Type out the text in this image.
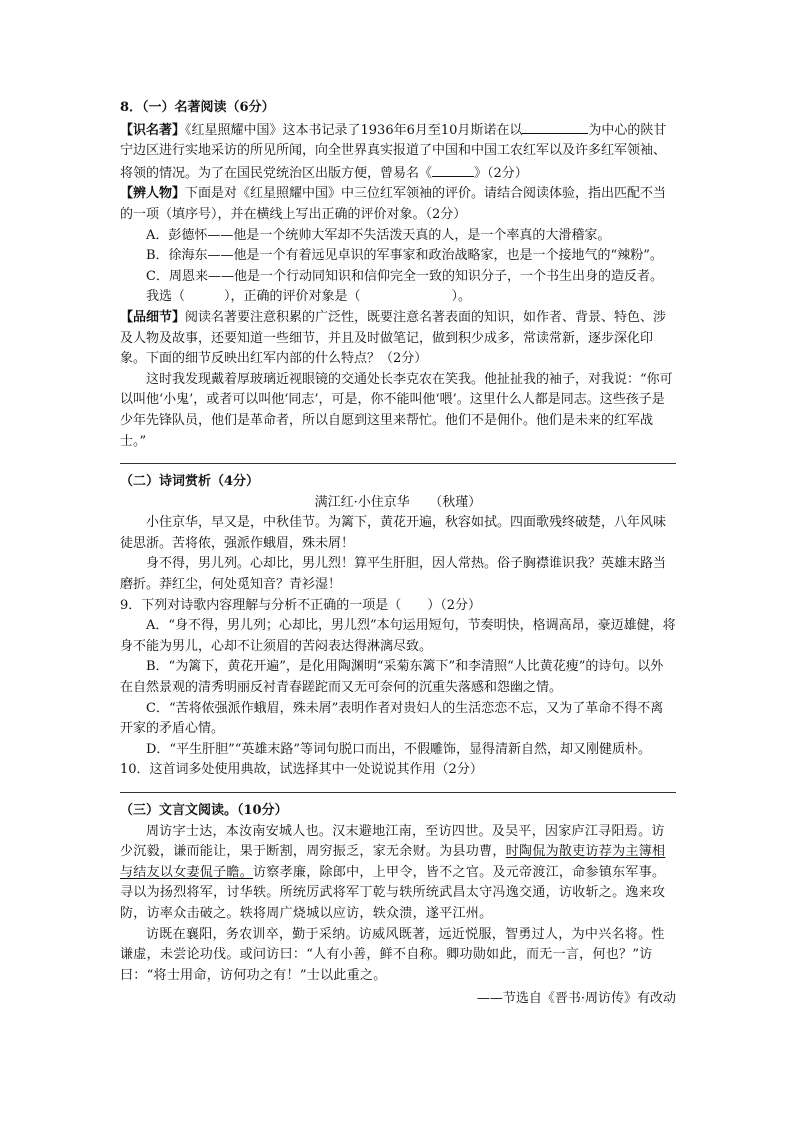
8．（一）名著阅读（6分）

【识名著】《红星照耀中国》这本书记录了1936年6月至10月斯诺在以	为中心的陕甘宁边区进行实地采访的所见所闻，向全世界真实报道了中国和中国工农红军以及许多红军领袖、将领的情况。为了在国民党统治区出版方便，曾易名《	》（2分）

【辨人物】下面是对《红星照耀中国》中三位红军领袖的评价。请结合阅读体验，指出匹配不当的一项（填序号），并在横线上写出正确的评价对象。（2分）

A．彭德怀——他是一个统帅大军却不失活泼天真的人，是一个率真的大滑稽家。

B．徐海东——他是一个有着远见卓识的军事家和政治战略家，也是一个接地气的“辣粉”。

C．周恩来——他是一个行动同知识和信仰完全一致的知识分子，一个书生出身的造反者。

我选（　　　），正确的评价对象是（　　　　　　　）。

【品细节】阅读名著要注意积累的广泛性，既要注意名著表面的知识，如作者、背景、特色、涉及人物及故事，还要知道一些细节，并且及时做笔记，做到积少成多，常读常新，逐步深化印象。下面的细节反映出红军内部的什么特点？（2分）

这时我发现戴着厚玻璃近视眼镜的交通处长李克农在笑我。他扯扯我的袖子，对我说：“你可以叫他‘小鬼’，或者可以叫他‘同志’，可是，你不能叫他‘喂’。这里什么人都是同志。这些孩子是少年先锋队员，他们是革命者，所以自愿到这里来帮忙。他们不是佣仆。他们是未来的红军战士。”

（二）诗词赏析（4分）

满江红·小住京华　　（秋瑾）

小住京华，早又是，中秋佳节。为篱下，黄花开遍，秋容如拭。四面歌残终破楚，八年风味徒思浙。苦将侬，强派作蛾眉，殊未屑！

身不得，男儿列。心却比，男儿烈！算平生肝胆，因人常热。俗子胸襟谁识我？英雄末路当磨折。莽红尘，何处觅知音？青衫湿！

9．下列对诗歌内容理解与分析不正确的一项是（　　）（2分）

A．“身不得，男儿列；心却比，男儿烈”本句运用短句，节奏明快，格调高昂，豪迈雄健，将身不能为男儿，心却不让须眉的苦闷表达得淋漓尽致。

B．“为篱下，黄花开遍”，是化用陶渊明“采菊东篱下”和李清照“人比黄花瘦”的诗句。以外在自然景观的清秀明丽反衬青春蹉跎而又无可奈何的沉重失落感和怨幽之情。

C．“苦将侬强派作蛾眉，殊未屑”表明作者对贵妇人的生活恋恋不忘，又为了革命不得不离开家的矛盾心情。

D．“平生肝胆”“英雄末路”等词句脱口而出，不假雕饰，显得清新自然，却又刚健质朴。

10．这首词多处使用典故，试选择其中一处说说其作用（2分）

（三）文言文阅读。（10分）

周访字士达，本汝南安城人也。汉末避地江南，至访四世。及吴平，因家庐江寻阳焉。访少沉毅，谦而能让，果于断割，周穷振乏，家无余财。为县功曹，时陶侃为散吏访荐为主簿相与结友以女妻侃子瞻。访察孝廉，除郎中，上甲令，皆不之官。及元帝渡江，命参镇东军事。寻以为扬烈将军，讨华轶。所统厉武将军丁乾与轶所统武昌太守冯逸交通，访收斩之。逸来攻防，访率众击破之。轶将周广烧城以应访，轶众溃，遂平江州。

访既在襄阳，务农训卒，勤于采纳。访威风既著，远近悦服，智勇过人，为中兴名将。性谦虚，未尝论功伐。或问访曰：“人有小善，鲜不自称。卿功勋如此，而无一言，何也？”访曰：“将士用命，访何功之有！”士以此重之。

——节选自《晋书·周访传》有改动
